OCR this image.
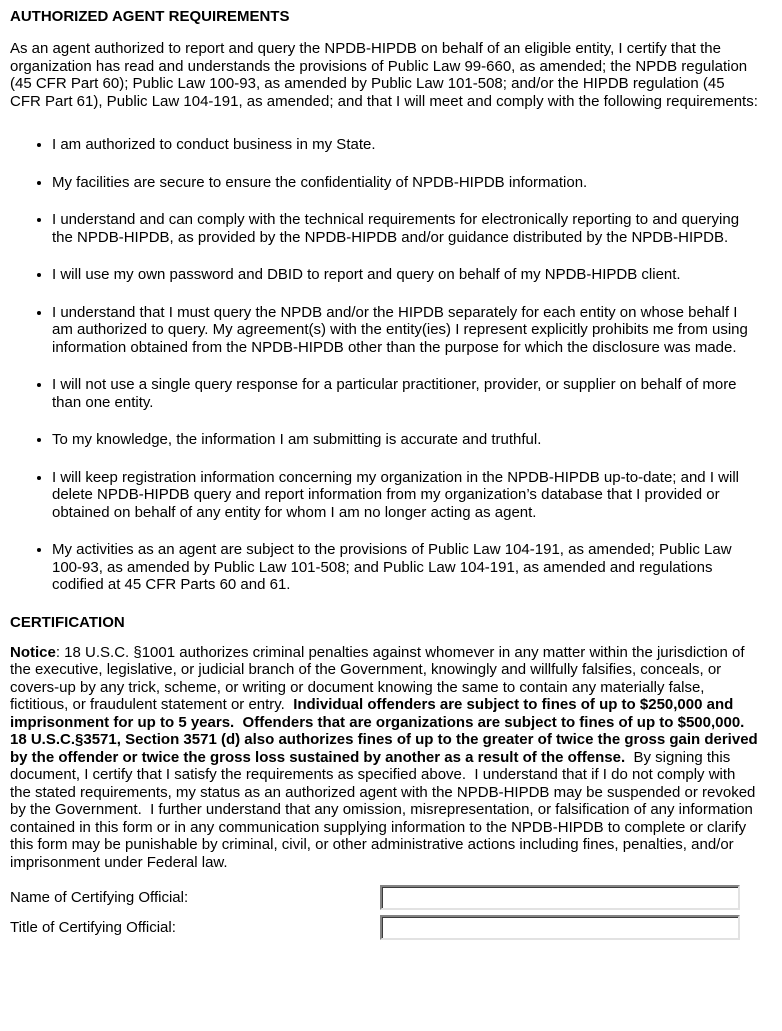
AUTHORIZED AGENT REQUIREMENTS

As an agent authorized to report and query the NPDB-HIPDB on behalf of an eligible entity, I certify that the organization has read and understands the provisions of Public Law 99-660, as amended; the NPDB regulation (45 CFR Part 60); Public Law 100-93, as amended by Public Law 101-508; and/or the HIPDB regulation (45 CFR Part 61), Public Law 104-191, as amended; and that I will meet and comply with the following requirements:

• I am authorized to conduct business in my State.
• My facilities are secure to ensure the confidentiality of NPDB-HIPDB information.
• I understand and can comply with the technical requirements for electronically reporting to and querying the NPDB-HIPDB, as provided by the NPDB-HIPDB and/or guidance distributed by the NPDB-HIPDB.
• I will use my own password and DBID to report and query on behalf of my NPDB-HIPDB client.
• I understand that I must query the NPDB and/or the HIPDB separately for each entity on whose behalf I am authorized to query. My agreement(s) with the entity(ies) I represent explicitly prohibits me from using information obtained from the NPDB-HIPDB other than the purpose for which the disclosure was made.
• I will not use a single query response for a particular practitioner, provider, or supplier on behalf of more than one entity.
• To my knowledge, the information I am submitting is accurate and truthful.
• I will keep registration information concerning my organization in the NPDB-HIPDB up-to-date; and I will delete NPDB-HIPDB query and report information from my organization’s database that I provided or obtained on behalf of any entity for whom I am no longer acting as agent.
• My activities as an agent are subject to the provisions of Public Law 104-191, as amended; Public Law 100-93, as amended by Public Law 101-508; and Public Law 104-191, as amended and regulations codified at 45 CFR Parts 60 and 61.
CERTIFICATION

Notice: 18 U.S.C. §1001 authorizes criminal penalties against whomever in any matter within the jurisdiction of the executive, legislative, or judicial branch of the Government, knowingly and willfully falsifies, conceals, or covers-up by any trick, scheme, or writing or document knowing the same to contain any materially false, fictitious, or fraudulent statement or entry.  Individual offenders are subject to fines of up to $250,000 and imprisonment for up to 5 years.  Offenders that are organizations are subject to fines of up to $500,000. 18 U.S.C.§3571, Section 3571 (d) also authorizes fines of up to the greater of twice the gross gain derived by the offender or twice the gross loss sustained by another as a result of the offense.  By signing this document, I certify that I satisfy the requirements as specified above.  I understand that if I do not comply with the stated requirements, my status as an authorized agent with the NPDB-HIPDB may be suspended or revoked by the Government.  I further understand that any omission, misrepresentation, or falsification of any information contained in this form or in any communication supplying information to the NPDB-HIPDB to complete or clarify this form may be punishable by criminal, civil, or other administrative actions including fines, penalties, and/or imprisonment under Federal law.

Name of Certifying Official:
Title of Certifying Official:
